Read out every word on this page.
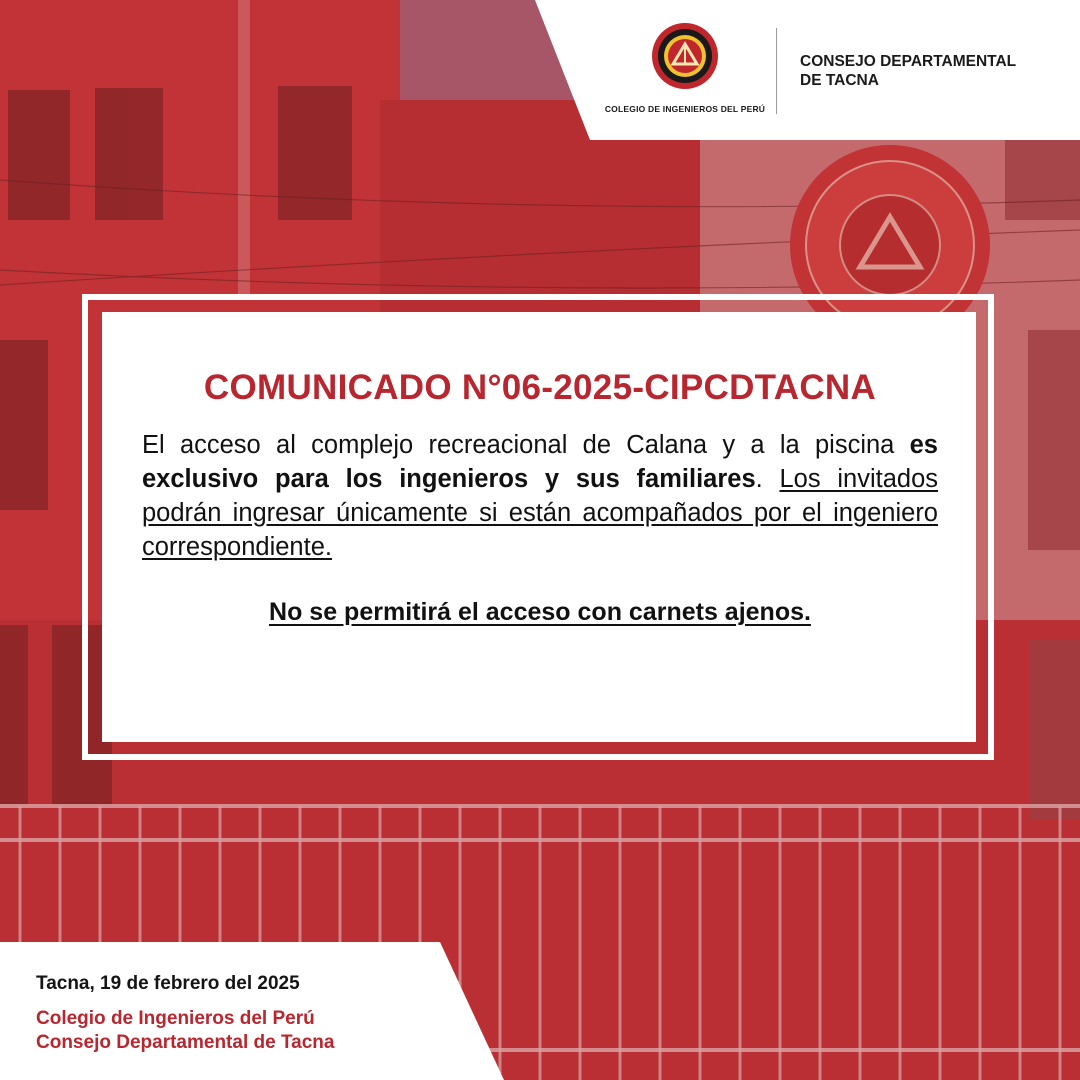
COLEGIO DE INGENIEROS DEL PERÚ
CONSEJO DEPARTAMENTAL
DE TACNA
COMUNICADO N°06-2025-CIPCDTACNA

El acceso al complejo recreacional de Calana y a la piscina es exclusivo para los ingenieros y sus familiares. Los invitados podrán ingresar únicamente si están acompañados por el ingeniero correspondiente.

No se permitirá el acceso con carnets ajenos.

Tacna, 19 de febrero del 2025
Colegio de Ingenieros del Perú
Consejo Departamental de Tacna
